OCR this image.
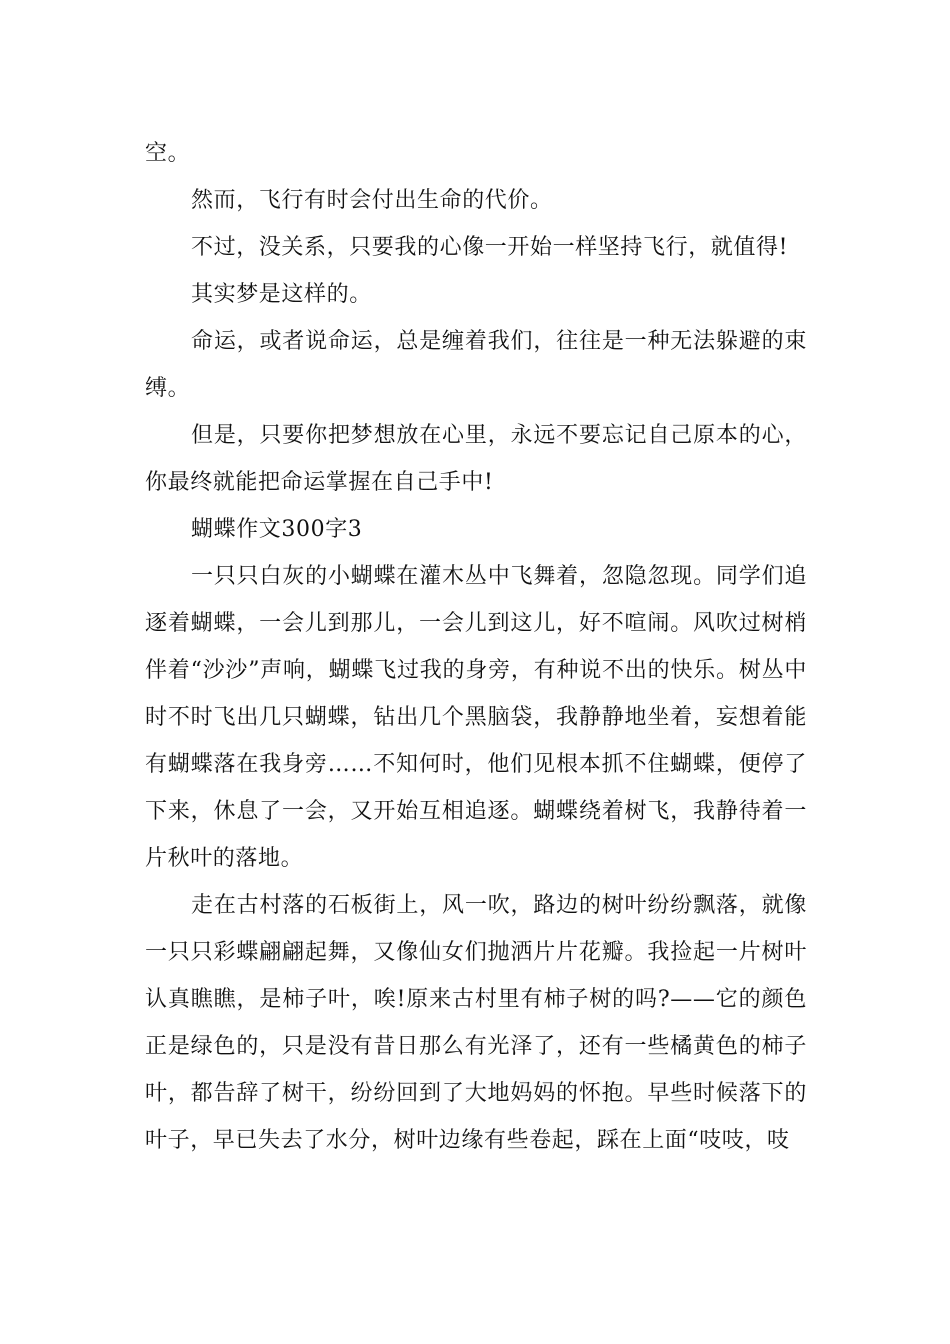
空。

然而，飞行有时会付出生命的代价。

不过，没关系，只要我的心像一开始一样坚持飞行，就值得!

其实梦是这样的。

命运，或者说命运，总是缠着我们，往往是一种无法躲避的束缚。

但是，只要你把梦想放在心里，永远不要忘记自己原本的心，你最终就能把命运掌握在自己手中!

蝴蝶作文300字3

一只只白灰的小蝴蝶在灌木丛中飞舞着，忽隐忽现。同学们追逐着蝴蝶，一会儿到那儿，一会儿到这儿，好不喧闹。风吹过树梢伴着“沙沙”声响，蝴蝶飞过我的身旁，有种说不出的快乐。树丛中时不时飞出几只蝴蝶，钻出几个黑脑袋，我静静地坐着，妄想着能有蝴蝶落在我身旁……不知何时，他们见根本抓不住蝴蝶，便停了下来，休息了一会，又开始互相追逐。蝴蝶绕着树飞，我静待着一片秋叶的落地。

走在古村落的石板街上，风一吹，路边的树叶纷纷飘落，就像一只只彩蝶翩翩起舞，又像仙女们抛洒片片花瓣。我捡起一片树叶认真瞧瞧，是柿子叶，唉!原来古村里有柿子树的吗?——它的颜色正是绿色的，只是没有昔日那么有光泽了，还有一些橘黄色的柿子叶，都告辞了树干，纷纷回到了大地妈妈的怀抱。早些时候落下的叶子，早已失去了水分，树叶边缘有些卷起，踩在上面“吱吱，吱
